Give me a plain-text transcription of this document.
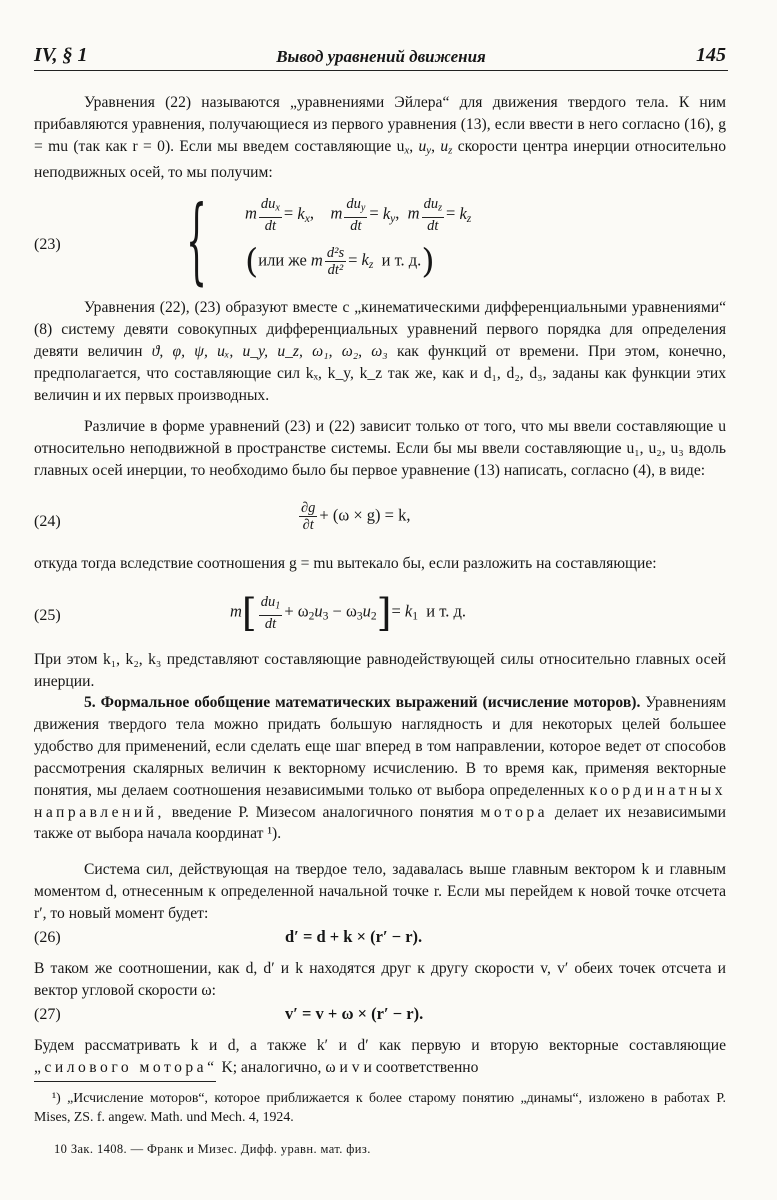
IV, § 1	Вывод уравнений движения	145

Уравнения (22) называются „уравнениями Эйлера“ для движения твердого тела. К ним прибавляются уравнения, получающиеся из первого уравнения (13), если ввести в него согласно (16), g = mu (так как r = 0). Если мы введем составляющие $u_x$, $u_y$, $u_z$ скорости центра инерции относительно неподвижных осей, то мы получим:

(23) { m $\frac{du_x}{dt} = k_x$,    m $\frac{du_y}{dt} = k_y$,  m $\frac{du_z}{dt} = k_z$
(или же m $\frac{\text{d²s}}{\text{dt²}} = k_z$ и т. д.)

Уравнения (22), (23) образуют вместе с „кинематическими дифференциальными уравнениями“ (8) систему девяти совокупных дифференциальных уравнений первого порядка для определения девяти величин ϑ, φ, ψ, uₓ, u_y, u_z, ω₁, ω₂, ω₃ как функций от времени. При этом, конечно, предполагается, что составляющие сил kₓ, k_y, k_z так же, как и d₁, d₂, d₃, заданы как функции этих величин и их первых производных.

Различие в форме уравнений (23) и (22) зависит только от того, что мы ввели составляющие u относительно неподвижной в пространстве системы. Если бы мы ввели составляющие u₁, u₂, u₃ вдоль главных осей инерции, то необходимо было бы первое уравнение (13) написать, согласно (4), в виде:

(24)	$\frac{\partial g}{\partial t} + (\omega \times g) = k$,

откуда тогда вследствие соотношения g = mu вытекало бы, если разложить на составляющие:

(25)	$m[ \frac{du_1}{dt} + \omega_2u_3 - \omega_3u_2]= k_1$ и т. д.

При этом k₁, k₂, k₃ представляют составляющие равнодействующей силы относительно главных осей инерции.

5. Формальное обобщение математических выражений (исчисление моторов). Уравнениям движения твердого тела можно придать большую наглядность и для некоторых целей большее удобство для применений, если сделать еще шаг вперед в том направлении, которое ведет от способов рассмотрения скалярных величин к векторному исчислению. В то время как, применяя векторные понятия, мы делаем соотношения независимыми только от выбора определенных координатных направлений, введение Р. Мизесом аналогичного понятия мотора делает их независимыми также от выбора начала координат ¹).

Система сил, действующая на твердое тело, задавалась выше главным вектором k и главным моментом d, отнесенным к определенной начальной точке r. Если мы перейдем к новой точке отсчета r′, то новый момент будет:

(26)	d′ = d + k × (r′ − r).

В таком же соотношении, как d, d′ и k находятся друг к другу скорости v, v′ обеих точек отсчета и вектор угловой скорости ω:

(27)	v′ = v + ω × (r′ − r).

Будем рассматривать k и d, а также k′ и d′ как первую и вторую векторные составляющие „силового мотора“ K; аналогично, ω и v и соответственно

¹) „Исчисление моторов“, которое приближается к более старому понятию „динамы“, изложено в работах P. Mises, ZS. f. angew. Math. und Mech. 4, 1924.
10 Зак. 1408. — Франк и Мизес. Дифф. уравн. мат. физ.
